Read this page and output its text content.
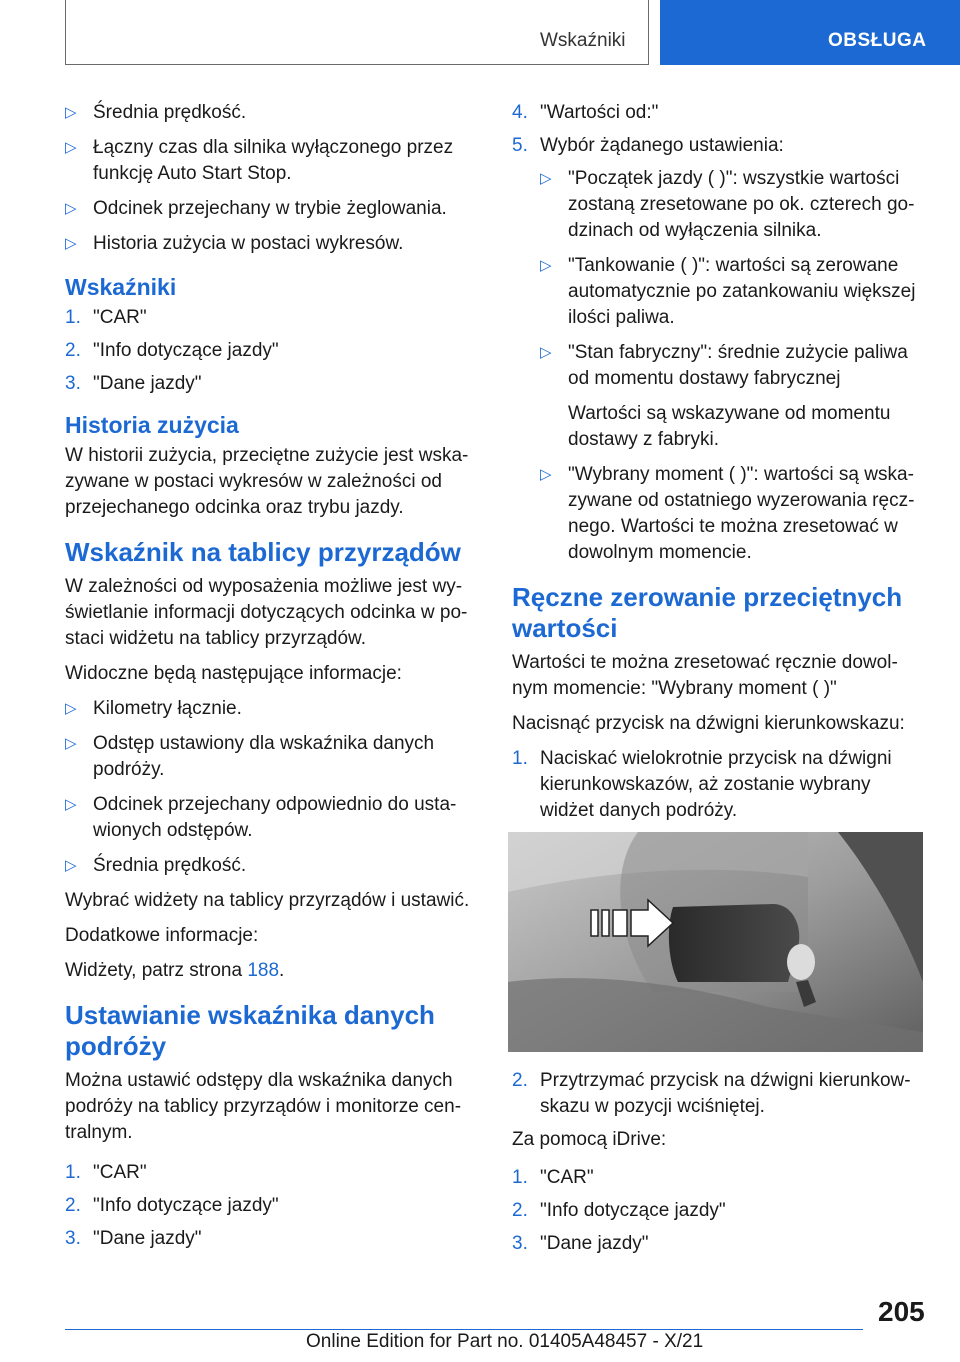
Wskaźniki	OBSŁUGA
▷ Średnia prędkość.
▷ Łączny czas dla silnika wyłączonego przez funkcję Auto Start Stop.
▷ Odcinek przejechany w trybie żeglowania.
▷ Historia zużycia w postaci wykresów.
Wskaźniki
1. "CAR"
2. "Info dotyczące jazdy"
3. "Dane jazdy"
Historia zużycia

W historii zużycia, przeciętne zużycie jest wskazywane w postaci wykresów w zależności od przejechanego odcinka oraz trybu jazdy.

Wskaźnik na tablicy przyrządów

W zależności od wyposażenia możliwe jest wyświetlanie informacji dotyczących odcinka w postaci widżetu na tablicy przyrządów.

Widoczne będą następujące informacje:

▷ Kilometry łącznie.
▷ Odstęp ustawiony dla wskaźnika danych podróży.
▷ Odcinek przejechany odpowiednio do ustawionych odstępów.
▷ Średnia prędkość.

Wybrać widżety na tablicy przyrządów i ustawić.

Dodatkowe informacje:

Widżety, patrz strona 188.

Ustawianie wskaźnika danych podróży

Można ustawić odstępy dla wskaźnika danych podróży na tablicy przyrządów i monitorze centralnym.

1. "CAR"
2. "Info dotyczące jazdy"
3. "Dane jazdy"
4. "Wartości od:"
5. Wybór żądanego ustawienia:
▷ "Początek jazdy ( )": wszystkie wartości zostaną zresetowane po ok. czterech godzinach od wyłączenia silnika.
▷ "Tankowanie ( )": wartości są zerowane automatycznie po zatankowaniu większej ilości paliwa.
▷ "Stan fabryczny": średnie zużycie paliwa od momentu dostawy fabrycznej

Wartości są wskazywane od momentu dostawy z fabryki.

▷ "Wybrany moment ( )": wartości są wskazywane od ostatniego wyzerowania ręcznego. Wartości te można zresetować w dowolnym momencie.
Ręczne zerowanie przeciętnych wartości

Wartości te można zresetować ręcznie dowolnym momencie: "Wybrany moment ( )"

Nacisnąć przycisk na dźwigni kierunkowskazu:

1. Naciskać wielokrotnie przycisk na dźwigni kierunkowskazów, aż zostanie wybrany widżet danych podróży.
2. Przytrzymać przycisk na dźwigni kierunkowskazu w pozycji wciśniętej.

Za pomocą iDrive:

1. "CAR"
2. "Info dotyczące jazdy"
3. "Dane jazdy"
205
Online Edition for Part no. 01405A48457 - X/21
